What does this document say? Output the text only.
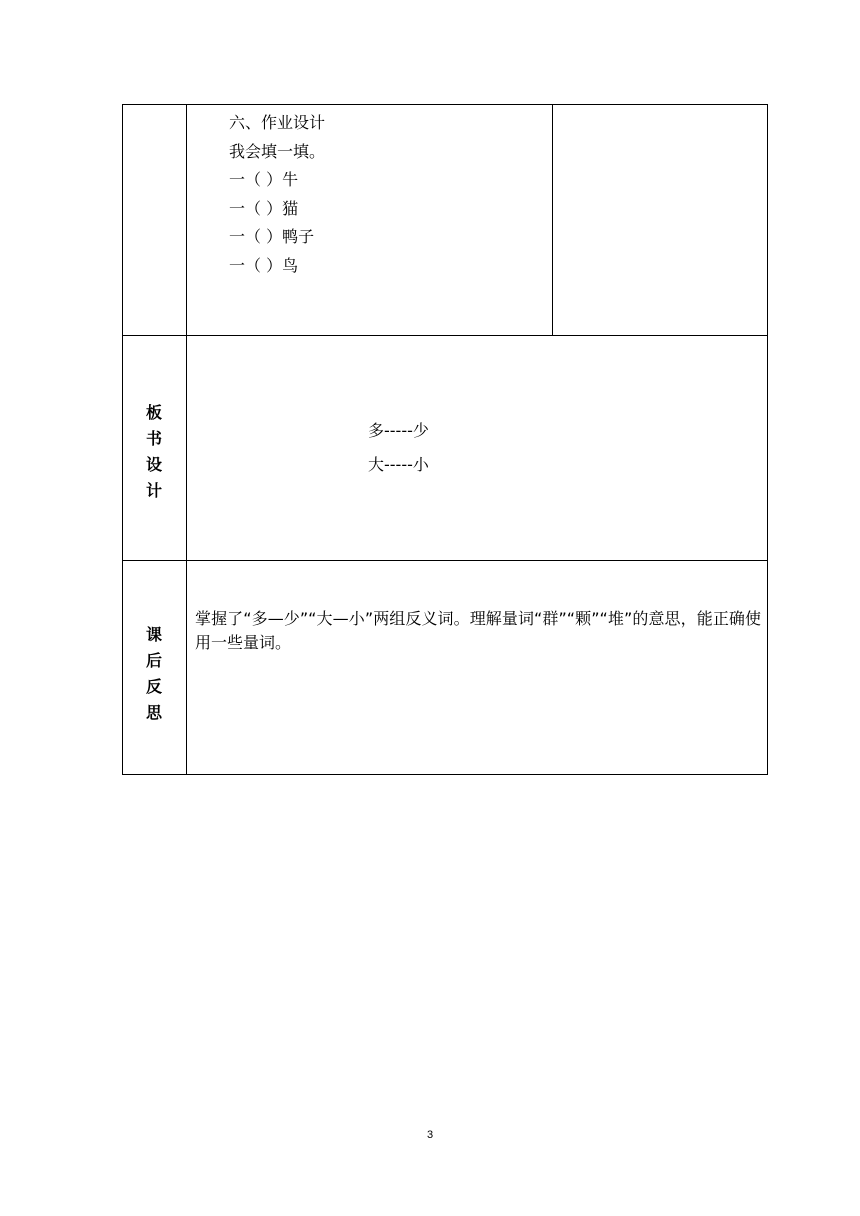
六、作业设计
我会填一填。
一（ ）牛
一（ ）猫
一（ ）鸭子
一（ ）鸟
板
书
设
计
多-----少
大-----小
课
后
反
思
掌握了“多—少”“大—小”两组反义词。理解量词“群”“颗”“堆”的意思，能正确使用一些量词。
3
